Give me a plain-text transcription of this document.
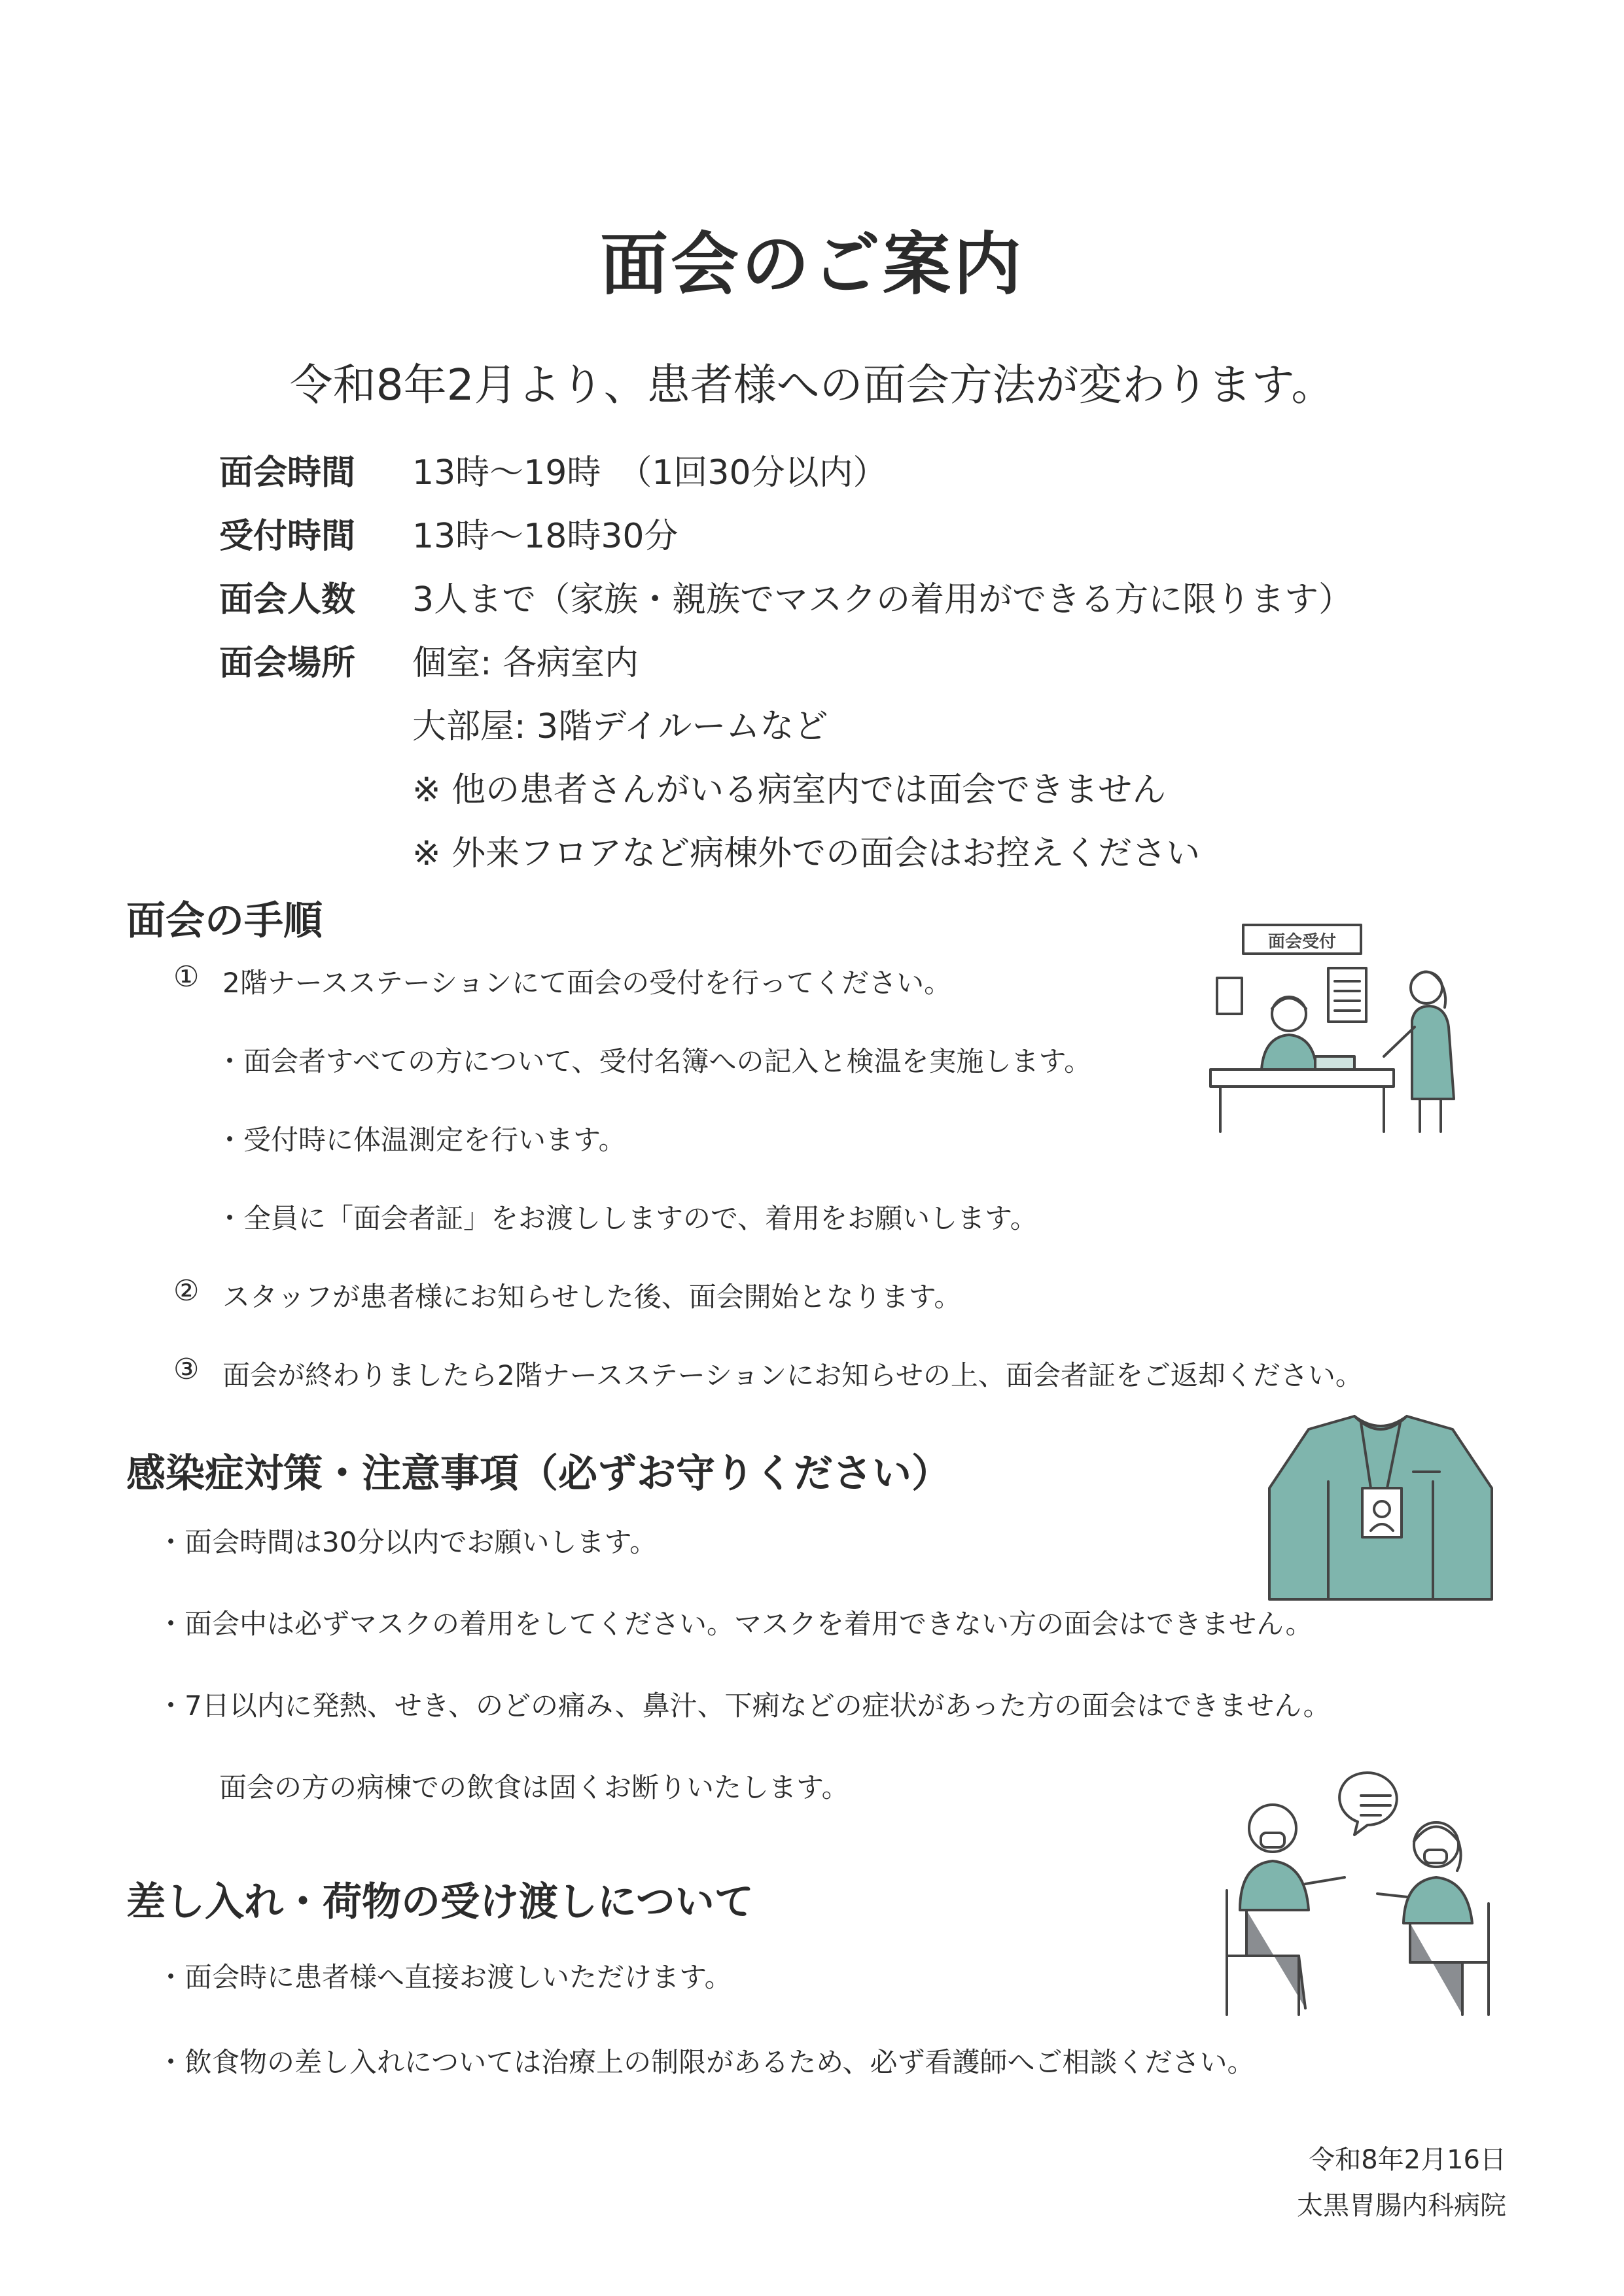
面会のご案内
令和8年2月より、患者様への面会方法が変わります。
面会時間 13時～19時　（1回30分以内）
受付時間 13時～18時30分
面会人数 3人まで（家族・親族でマスクの着用ができる方に限ります）
面会場所 個室: 各病室内
大部屋: 3階デイルームなど
※ 他の患者さんがいる病室内では面会できません
※ 外来フロアなど病棟外での面会はお控えください
面会の手順
① 2階ナースステーションにて面会の受付を行ってください。
・面会者すべての方について、受付名簿への記入と検温を実施します。
・受付時に体温測定を行います。
・全員に「面会者証」をお渡ししますので、着用をお願いします。
② スタッフが患者様にお知らせした後、面会開始となります。
③ 面会が終わりましたら2階ナースステーションにお知らせの上、面会者証をご返却ください。
感染症対策・注意事項（必ずお守りください）
・面会時間は30分以内でお願いします。
・面会中は必ずマスクの着用をしてください。マスクを着用できない方の面会はできません。
・7日以内に発熱、せき、のどの痛み、鼻汁、下痢などの症状があった方の面会はできません。
面会の方の病棟での飲食は固くお断りいたします。
差し入れ・荷物の受け渡しについて
・面会時に患者様へ直接お渡しいただけます。
・飲食物の差し入れについては治療上の制限があるため、必ず看護師へご相談ください。
令和8年2月16日
太黒胃腸内科病院
面会受付
